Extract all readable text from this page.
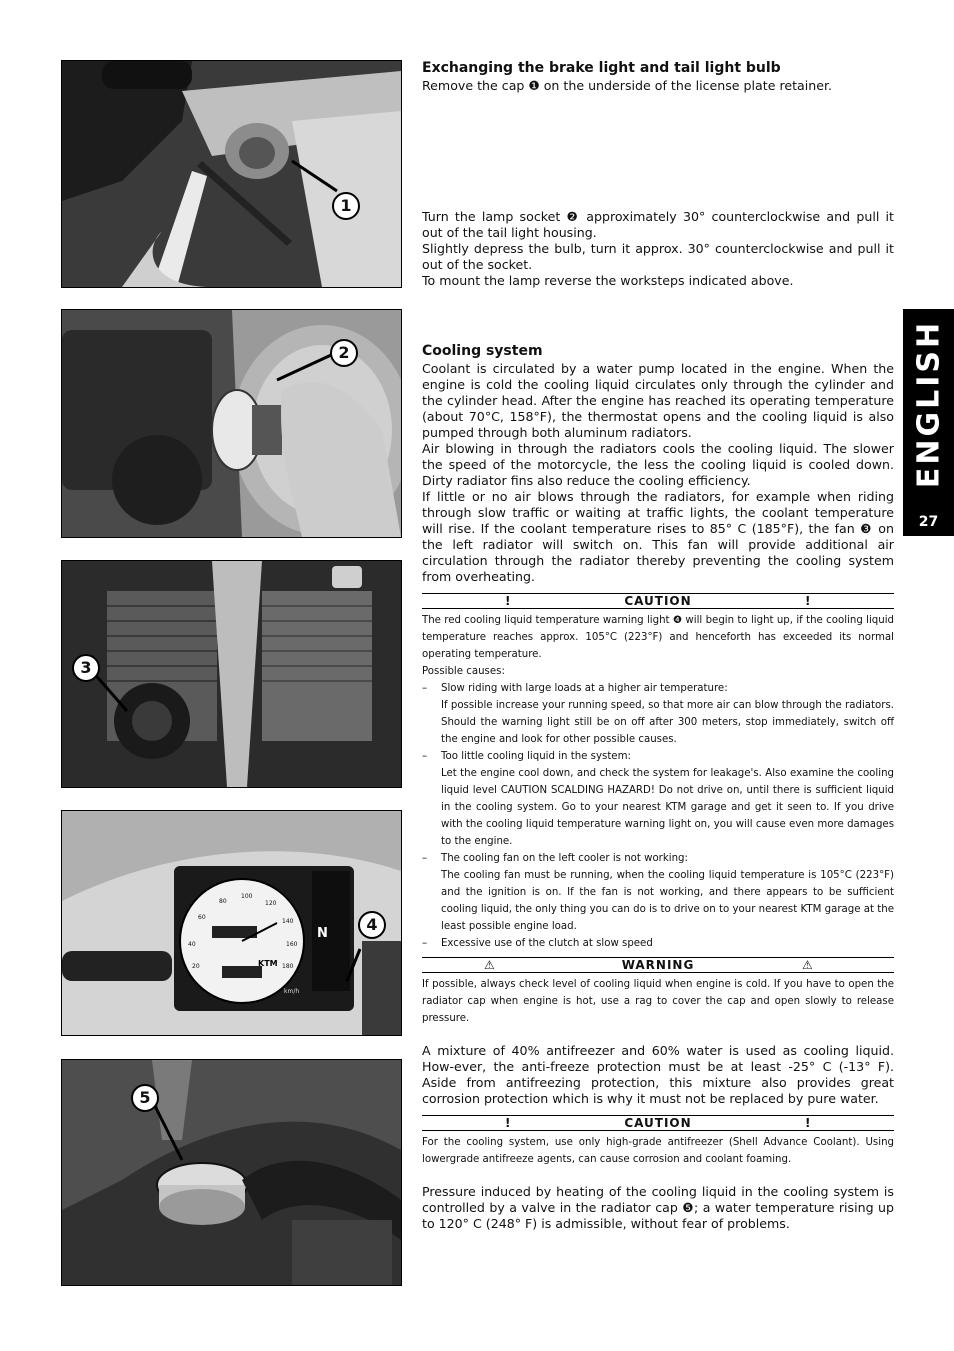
1
2
3
N
KTM
km/h
20
40
60
80
100
120
140
160
180
4
5
Exchanging the brake light and tail light bulb

Remove the cap ❶ on the underside of the license plate retainer.

Turn the lamp socket ❷ approximately 30° counterclockwise and pull it out of the tail light housing.

Slightly depress the bulb, turn it approx. 30° counterclockwise and pull it out of the socket.

To mount the lamp reverse the worksteps indicated above.

Cooling system

Coolant is circulated by a water pump located in the engine. When the engine is cold the cooling liquid circulates only through the cylinder and the cylinder head. After the engine has reached its operating temperature (about 70°C, 158°F), the thermostat opens and the cooling liquid is also pumped through both aluminum radiators.

Air blowing in through the radiators cools the cooling liquid. The slower the speed of the motorcycle, the less the cooling liquid is cooled down. Dirty radiator fins also reduce the cooling efficiency.

If little or no air blows through the radiators, for example when riding through slow traffic or waiting at traffic lights, the coolant temperature will rise. If the coolant temperature rises to 85° C (185°F), the fan ❸ on the left radiator will switch on. This fan will provide additional air circulation through the radiator thereby preventing the cooling system from overheating.

!	CAUTION	!

The red cooling liquid temperature warning light ❹ will begin to light up, if the cooling liquid temperature reaches approx. 105°C (223°F) and henceforth has exceeded its normal operating temperature.

Possible causes:

– Slow riding with large loads at a higher air temperature:

If possible increase your running speed, so that more air can blow through the radiators. Should the warning light still be on off after 300 meters, stop immediately, switch off the engine and look for other possible causes.

– Too little cooling liquid in the system:

Let the engine cool down, and check the system for leakage's. Also examine the cooling liquid level CAUTION SCALDING HAZARD! Do not drive on, until there is sufficient liquid in the cooling system. Go to your nearest KTM garage and get it seen to. If you drive with the cooling liquid temperature warning light on, you will cause even more damages to the engine.

– The cooling fan on the left cooler is not working:

The cooling fan must be running, when the cooling liquid temperature is 105°C (223°F) and the ignition is on. If the fan is not working, and there appears to be sufficient cooling liquid, the only thing you can do is to drive on to your nearest KTM garage at the least possible engine load.

– Excessive use of the clutch at slow speed

⚠	WARNING	⚠

If possible, always check level of cooling liquid when engine is cold. If you have to open the radiator cap when engine is hot, use a rag to cover the cap and open slowly to release pressure.

A mixture of 40% antifreezer and 60% water is used as cooling liquid. How-ever, the anti-freeze protection must be at least -25° C (-13° F). Aside from antifreezing protection, this mixture also provides great corrosion protection which is why it must not be replaced by pure water.

!	CAUTION	!

For the cooling system, use only high-grade antifreezer (Shell Advance Coolant). Using lowergrade antifreeze agents, can cause corrosion and coolant foaming.

Pressure induced by heating of the cooling liquid in the cooling system is controlled by a valve in the radiator cap ❺; a water temperature rising up to 120° C (248° F) is admissible, without fear of problems.

ENGLISH
27
